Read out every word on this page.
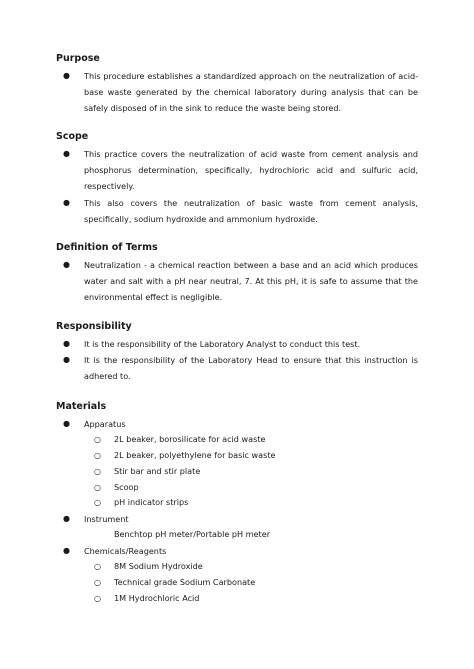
Purpose

● This procedure establishes a standardized approach on the neutralization of acid-base waste generated by the chemical laboratory during analysis that can be safely disposed of in the sink to reduce the waste being stored.

Scope

● This practice covers the neutralization of acid waste from cement analysis and phosphorus determination, specifically, hydrochloric acid and sulfuric acid, respectively.
● This also covers the neutralization of basic waste from cement analysis, specifically, sodium hydroxide and ammonium hydroxide.

Definition of Terms

● Neutralization - a chemical reaction between a base and an acid which produces water and salt with a pH near neutral, 7. At this pH, it is safe to assume that the environmental effect is negligible.

Responsibility

● It is the responsibility of the Laboratory Analyst to conduct this test.
● It is the responsibility of the Laboratory Head to ensure that this instruction is adhered to.

Materials

● Apparatus
○ 2L beaker, borosilicate for acid waste
○ 2L beaker, polyethylene for basic waste
○ Stir bar and stir plate
○ Scoop
○ pH indicator strips
● Instrument
Benchtop pH meter/Portable pH meter
● Chemicals/Reagents
○ 8M Sodium Hydroxide
○ Technical grade Sodium Carbonate
○ 1M Hydrochloric Acid
